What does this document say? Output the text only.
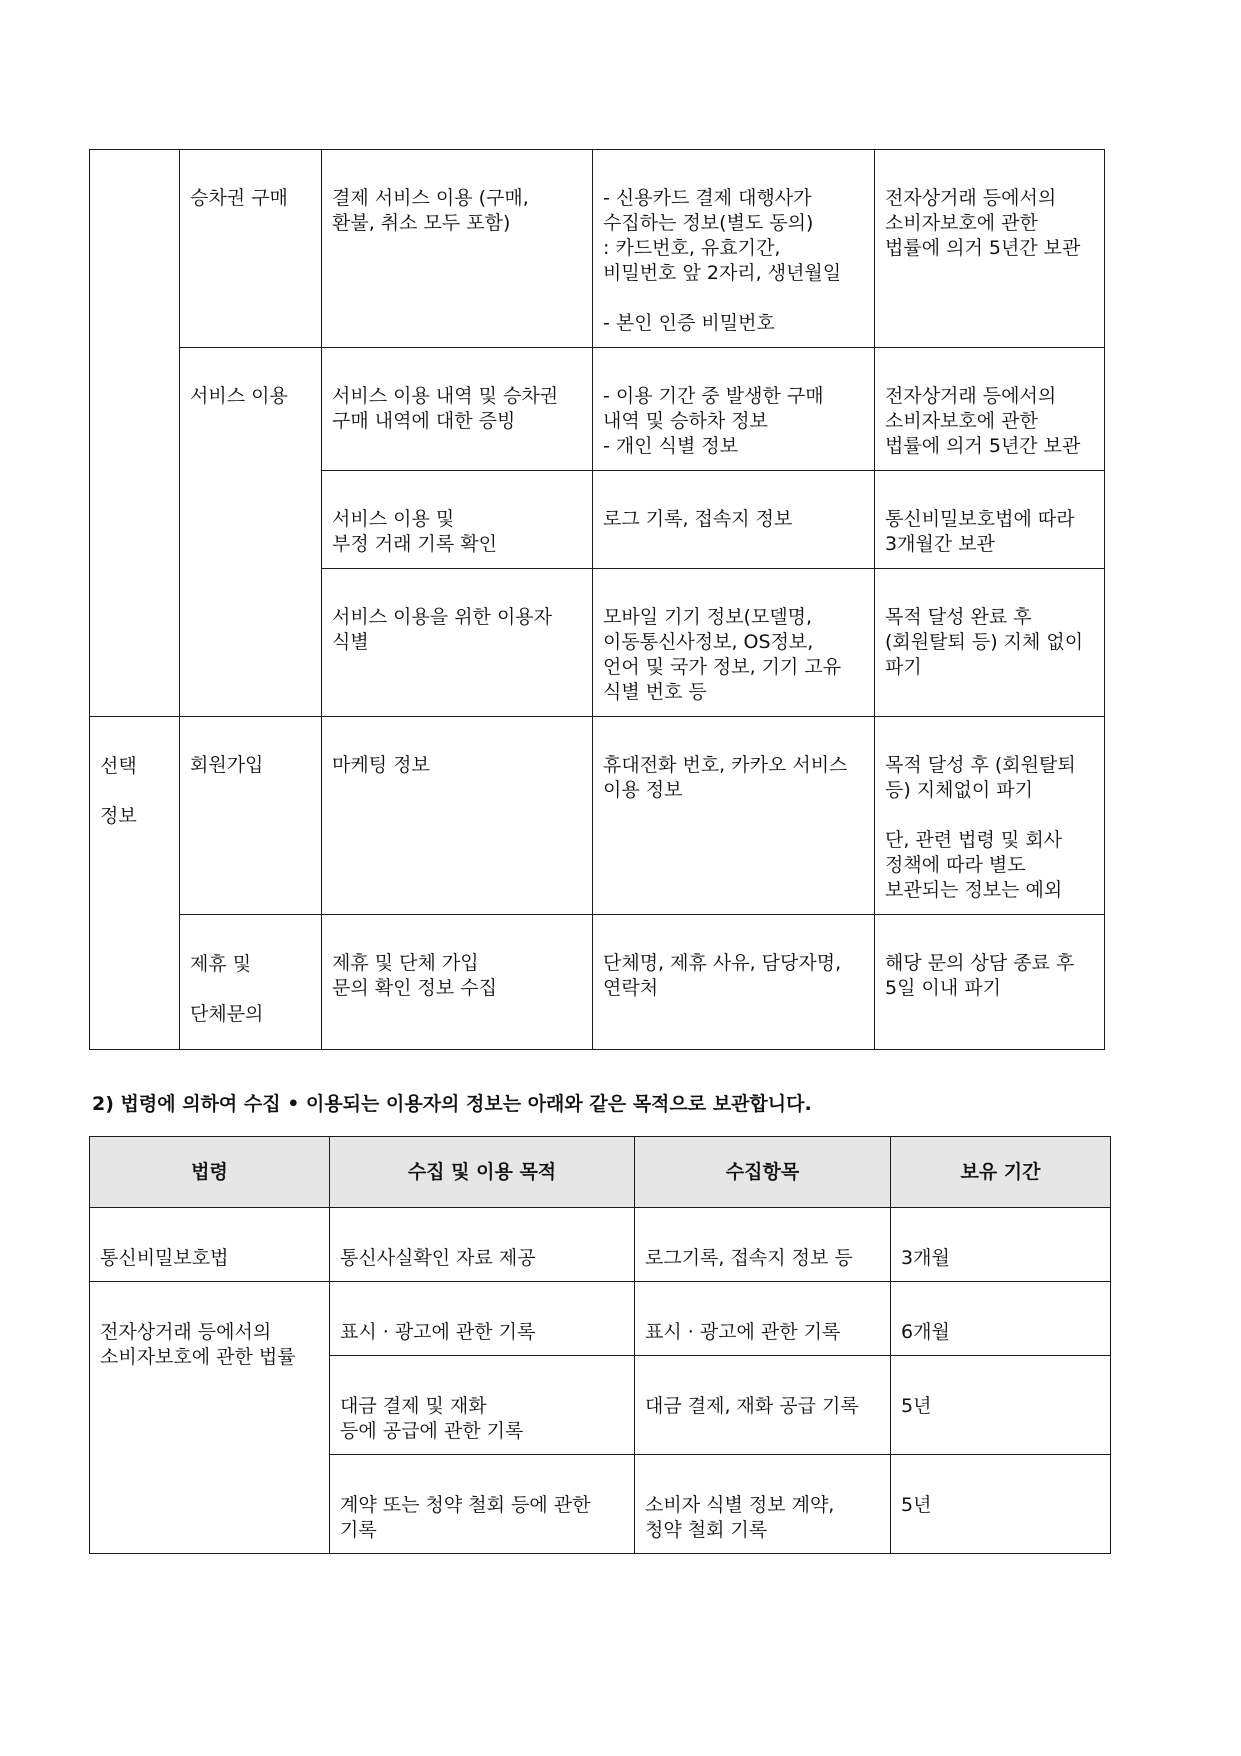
	승차권 구매	결제 서비스 이용 (구매,
환불, 취소 모두 포함)	- 신용카드 결제 대행사가
수집하는 정보(별도 동의)
: 카드번호, 유효기간,
비밀번호 앞 2자리, 생년월일

- 본인 인증 비밀번호	전자상거래 등에서의
소비자보호에 관한
법률에 의거 5년간 보관
	서비스 이용	서비스 이용 내역 및 승차권
구매 내역에 대한 증빙	- 이용 기간 중 발생한 구매
내역 및 승하차 정보
- 개인 식별 정보	전자상거래 등에서의
소비자보호에 관한
법률에 의거 5년간 보관
		서비스 이용 및
부정 거래 기록 확인	로그 기록, 접속지 정보	통신비밀보호법에 따라
3개월간 보관
		서비스 이용을 위한 이용자
식별	모바일 기기 정보(모델명,
이동통신사정보, OS정보,
언어 및 국가 정보, 기기 고유
식별 번호 등	목적 달성 완료 후
(회원탈퇴 등) 지체 없이
파기
선택
정보	회원가입	마케팅 정보	휴대전화 번호, 카카오 서비스
이용 정보	목적 달성 후 (회원탈퇴
등) 지체없이 파기

단, 관련 법령 및 회사
정책에 따라 별도
보관되는 정보는 예외
	제휴 및
단체문의	제휴 및 단체 가입
문의 확인 정보 수집	단체명, 제휴 사유, 담당자명,
연락처	해당 문의 상담 종료 후
5일 이내 파기
2) 법령에 의하여 수집 • 이용되는 이용자의 정보는 아래와 같은 목적으로 보관합니다.
법령	수집 및 이용 목적	수집항목	보유 기간
통신비밀보호법	통신사실확인 자료 제공	로그기록, 접속지 정보 등	3개월
전자상거래 등에서의
소비자보호에 관한 법률	표시 · 광고에 관한 기록	표시 · 광고에 관한 기록	6개월
	대금 결제 및 재화
등에 공급에 관한 기록	대금 결제, 재화 공급 기록	5년
	계약 또는 청약 철회 등에 관한
기록	소비자 식별 정보 계약,
청약 철회 기록	5년
